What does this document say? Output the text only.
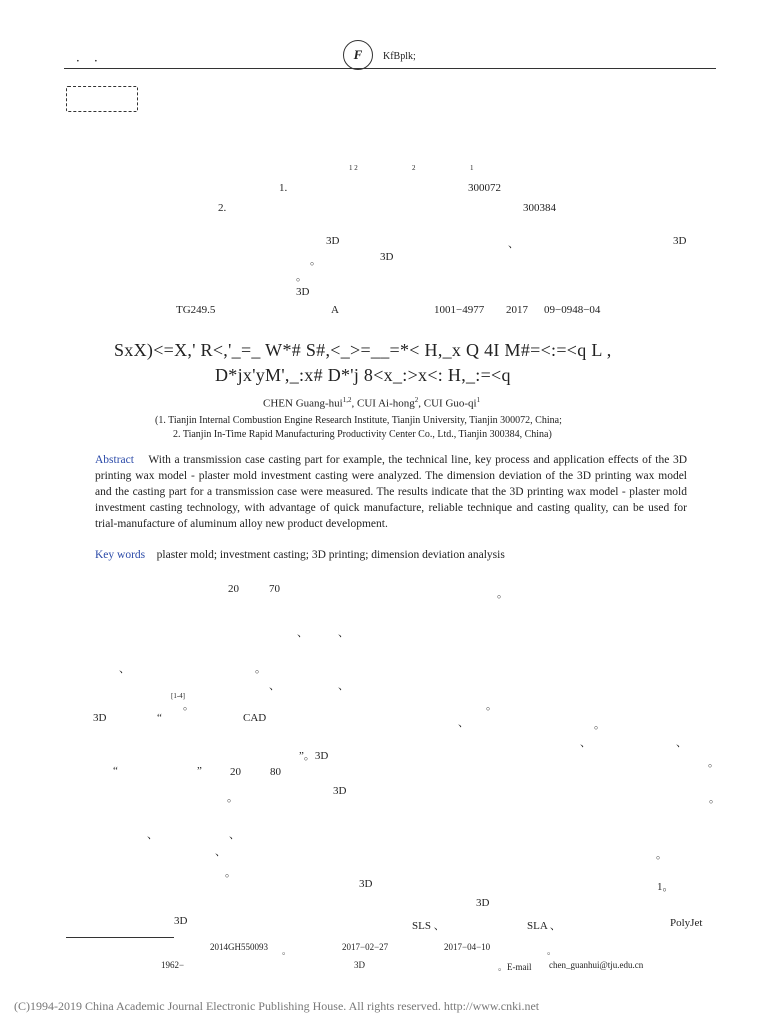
．　．	F KfBplk;
1 2	2	1
1.	300072
2.	300384
3D	、	3D
。	3D
。
3D
TG249.5	A	1001−4977 2017 09−0948−04
SxX)<=X,' R<,'_=_ W*# S#,<_>=__=*< H,_x Q 4I M#=<:=<q L ,
D*jx'yM',_:x# D*'j 8<x_:>x<: H,_:=<q
CHEN Guang-hui$^{1,2}$, CUI Ai-hong$^2$, CUI Guo-$qi^1$
(1. Tianjin Internal Combustion Engine Research Institute, Tianjin University, Tianjin 300072, China;
2. Tianjin In-Time Rapid Manufacturing Productivity Center Co., Ltd., Tianjin 300384, China)
Abstract With a transmission case casting part for example, the technical line, key process and application effects of the 3D printing wax model - plaster mold investment casting were analyzed. The dimension deviation of the 3D printing wax model and the casting part for a transmission case were measured. The results indicate that the 3D printing wax model - plaster mold investment casting technology, with advantage of quick manufacture, reliable technique and casting quality, can be used for trial-manufacture of aluminum alloy new product development.
Key words plaster mold; investment casting; 3D printing; dimension deviation analysis
20	70	。
、	、
、	。
、	、
[1-4]
。	。
3D	“	CAD	、	。
、	、
”。3D
“	”	20	80
。
。
3D
。
、	、
、	。
。
3D	1。
3D
3D	SLS 、	SLA 、	PolyJet
2014GH550093 。	2017−02−27	2017−04−10	。
1962−	3D	。E-mail chen_guanhui@tju.edu.cn
(C)1994-2019 China Academic Journal Electronic Publishing House. All rights reserved. http://www.cnki.net
